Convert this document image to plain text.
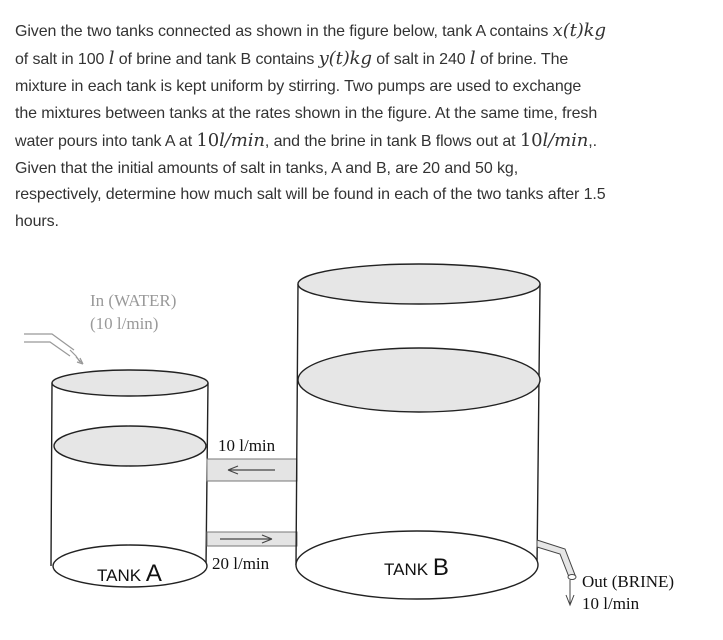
Given the two tanks connected as shown in the figure below, tank A contains x(t)kg
of salt in 100 l of brine and tank B contains y(t)kg of salt in 240 l of brine. The
mixture in each tank is kept uniform by stirring. Two pumps are used to exchange
the mixtures between tanks at the rates shown in the figure. At the same time, fresh
water pours into tank A at 10l/min, and the brine in tank B flows out at 10l/min,.
Given that the initial amounts of salt in tanks, A and B, are 20 and 50 kg,
respectively, determine how much salt will be found in each of the two tanks after 1.5
hours.
In (WATER)
(10 l/min)
TANK A
10 l/min
20 l/min	TANK B
Out (BRINE)
10 l/min
